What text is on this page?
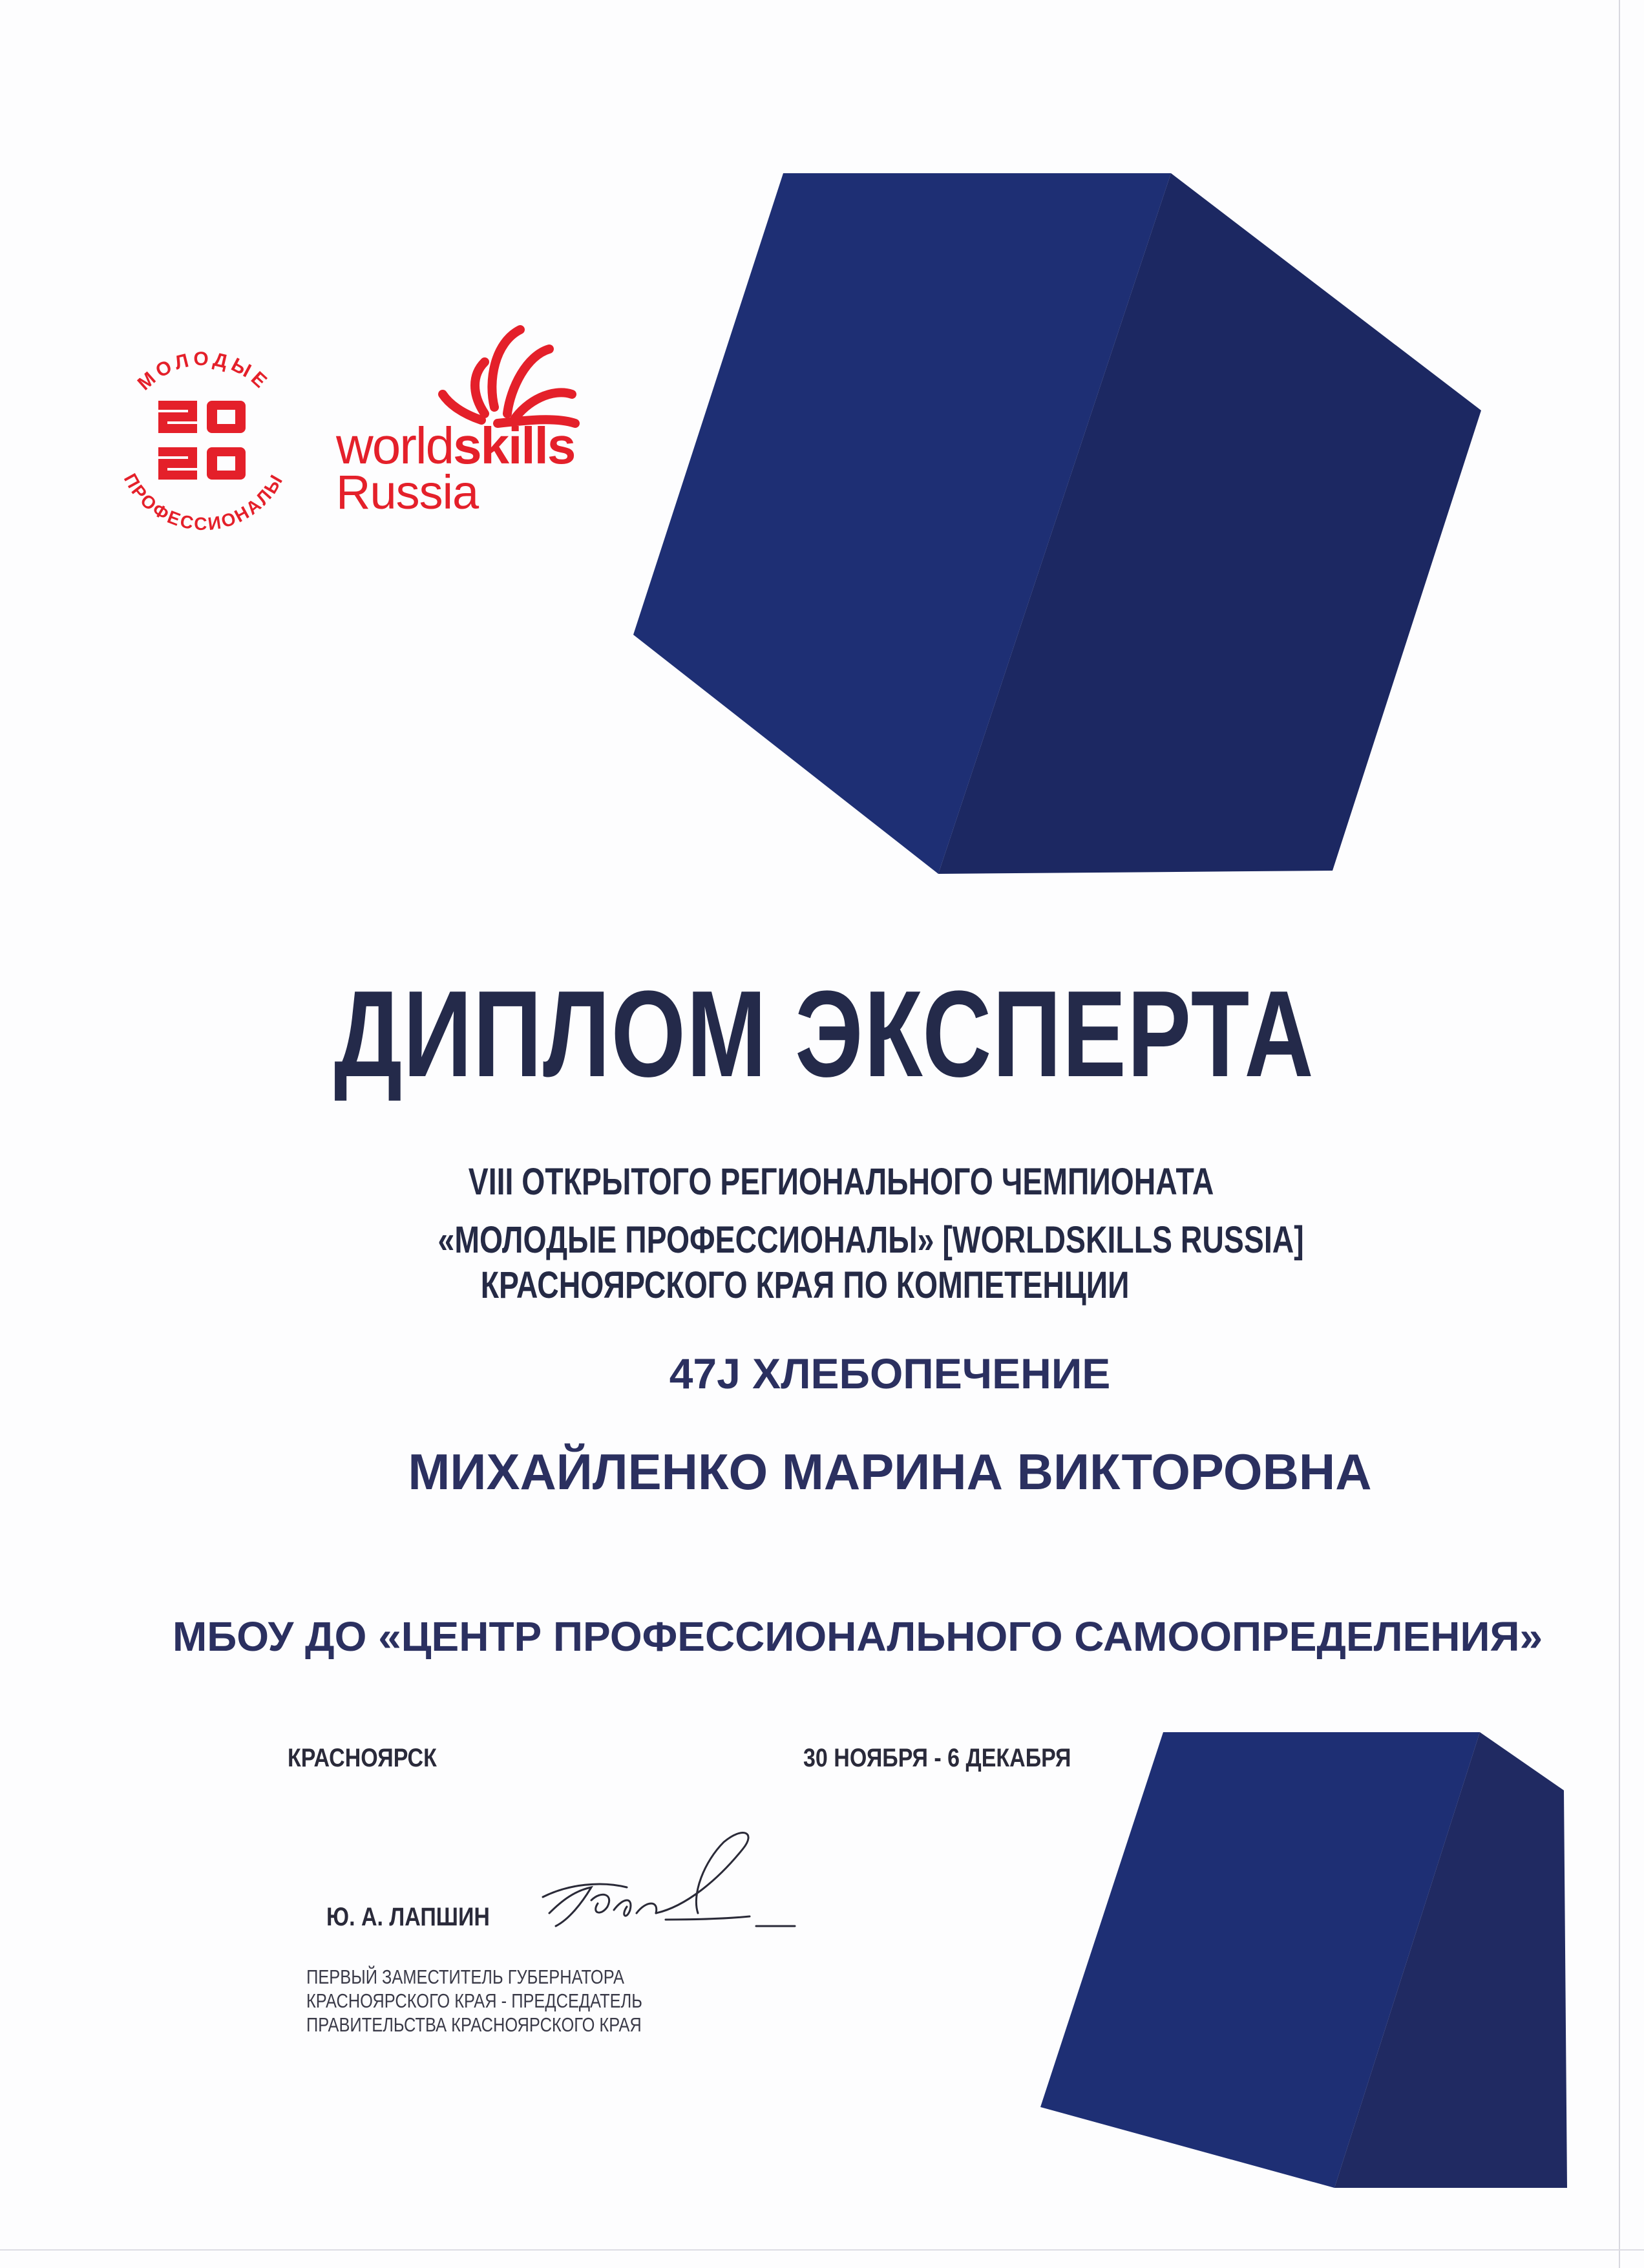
МОЛОДЫЕ
ПРОФЕССИОНАЛЫ
worldskills
Russia
ДИПЛОМ ЭКСПЕРТА
VIII ОТКРЫТОГО РЕГИОНАЛЬНОГО ЧЕМПИОНАТА
«МОЛОДЫЕ ПРОФЕССИОНАЛЫ» [WORLDSKILLS RUSSIA]
КРАСНОЯРСКОГО КРАЯ ПО КОМПЕТЕНЦИИ
47J ХЛЕБОПЕЧЕНИЕ
МИХАЙЛЕНКО МАРИНА ВИКТОРОВНА
МБОУ ДО «ЦЕНТР ПРОФЕССИОНАЛЬНОГО САМООПРЕДЕЛЕНИЯ»
КРАСНОЯРСК	30 НОЯБРЯ - 6 ДЕКАБРЯ
Ю. А. ЛАПШИН
ПЕРВЫЙ ЗАМЕСТИТЕЛЬ ГУБЕРНАТОРА
КРАСНОЯРСКОГО КРАЯ - ПРЕДСЕДАТЕЛЬ
ПРАВИТЕЛЬСТВА КРАСНОЯРСКОГО КРАЯ
